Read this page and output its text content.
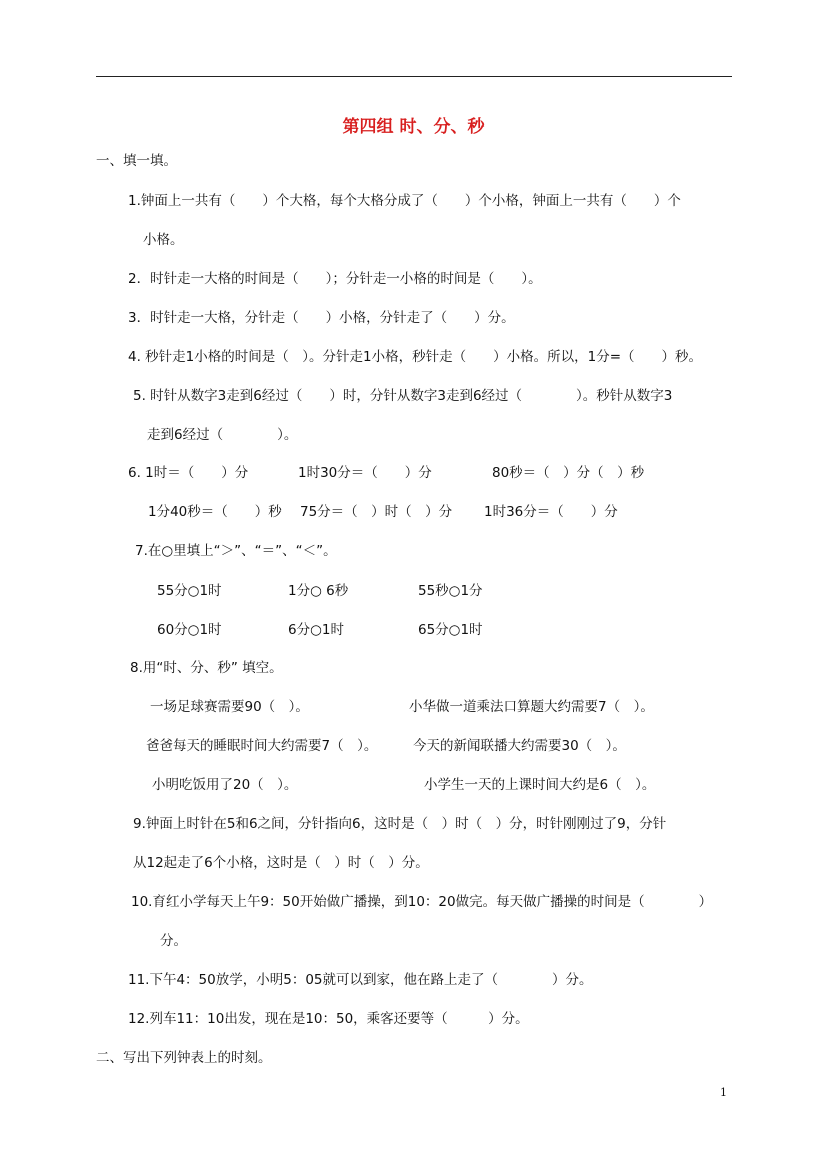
第四组 时、分、秒
一、填一填。
1.钟面上一共有（　　）个大格，每个大格分成了（　　）个小格，钟面上一共有（　　）个
小格。
2．时针走一大格的时间是（　　）；分针走一小格的时间是（　　）。
3．时针走一大格，分针走（　　）小格，分针走了（　　）分。
4. 秒针走1小格的时间是（　）。分针走1小格，秒针走（　　）小格。所以，1分=（　　）秒。
5. 时针从数字3走到6经过（　　）时，分针从数字3走到6经过（　　　　）。秒针从数字3
走到6经过（　　　　）。
6. 1时＝（　　）分	1时30分＝（　　）分	80秒＝（　）分（　）秒
1分40秒＝（　　）秒 75分＝（　）时（　）分 1时36分＝（　　）分
7.在○里填上“＞”、“＝”、“＜”。
55分○1时	1分○ 6秒	55秒○1分
60分○1时	6分○1时	65分○1时
8.用“时、分、秒” 填空。
一场足球赛需要90（　）。	小华做一道乘法口算题大约需要7（　）。
爸爸每天的睡眠时间大约需要7（　）。	今天的新闻联播大约需要30（　）。
小明吃饭用了20（　）。	小学生一天的上课时间大约是6（　）。
9.钟面上时针在5和6之间，分针指向6，这时是（　）时（　）分，时针刚刚过了9，分针
从12起走了6个小格，这时是（　）时（　）分。
10.育红小学每天上午9：50开始做广播操，到10：20做完。每天做广播操的时间是（　　　　）
分。
11.下午4：50放学，小明5：05就可以到家，他在路上走了（　　　　）分。
12.列车11：10出发，现在是10：50，乘客还要等（　　　）分。
二、写出下列钟表上的时刻。
1
